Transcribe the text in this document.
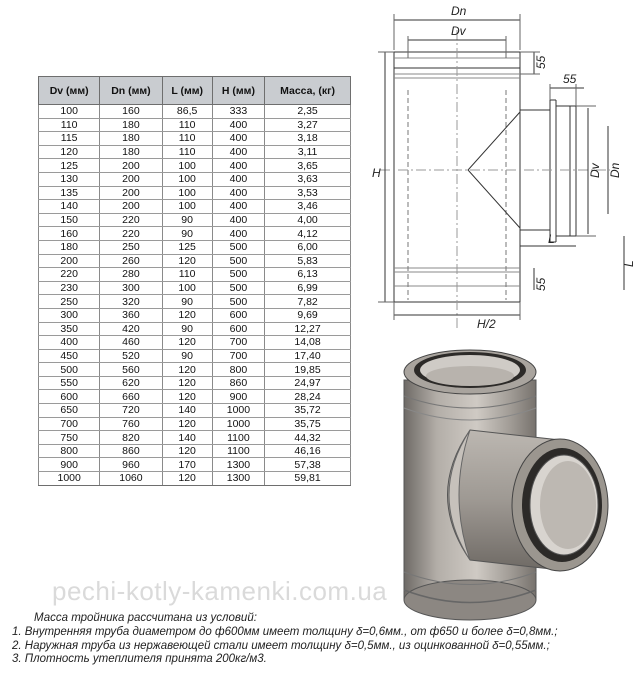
Dv (мм)	Dn (мм)	L (мм)	H (мм)	Масса, (кг)
100	160	86,5	333	2,35
110	180	110	400	3,27
115	180	110	400	3,18
120	180	110	400	3,11
125	200	100	400	3,65
130	200	100	400	3,63
135	200	100	400	3,53
140	200	100	400	3,46
150	220	90	400	4,00
160	220	90	400	4,12
180	250	125	500	6,00
200	260	120	500	5,83
220	280	110	500	6,13
230	300	100	500	6,99
250	320	90	500	7,82
300	360	120	600	9,69
350	420	90	600	12,27
400	460	120	700	14,08
450	520	90	700	17,40
500	560	120	800	19,85
550	620	120	860	24,97
600	660	120	900	28,24
650	720	140	1000	35,72
700	760	120	1000	35,75
750	820	140	1100	44,32
800	860	120	1100	46,16
900	960	170	1300	57,38
1000	1060	120	1300	59,81
Dn
Dv
55
55
H
H/2
L
L
Dv Dn
55
pechi-kotly-kamenki.com.ua
Масса тройника рассчитана из условий:
1. Внутренняя труба диаметром до ф600мм имеет толщину δ=0,6мм., от ф650 и более δ=0,8мм.;
2. Наружная труба из нержавеющей стали имеет толщину δ=0,5мм., из оцинкованной δ=0,55мм.;
3. Плотность утеплителя принята 200кг/м3.
